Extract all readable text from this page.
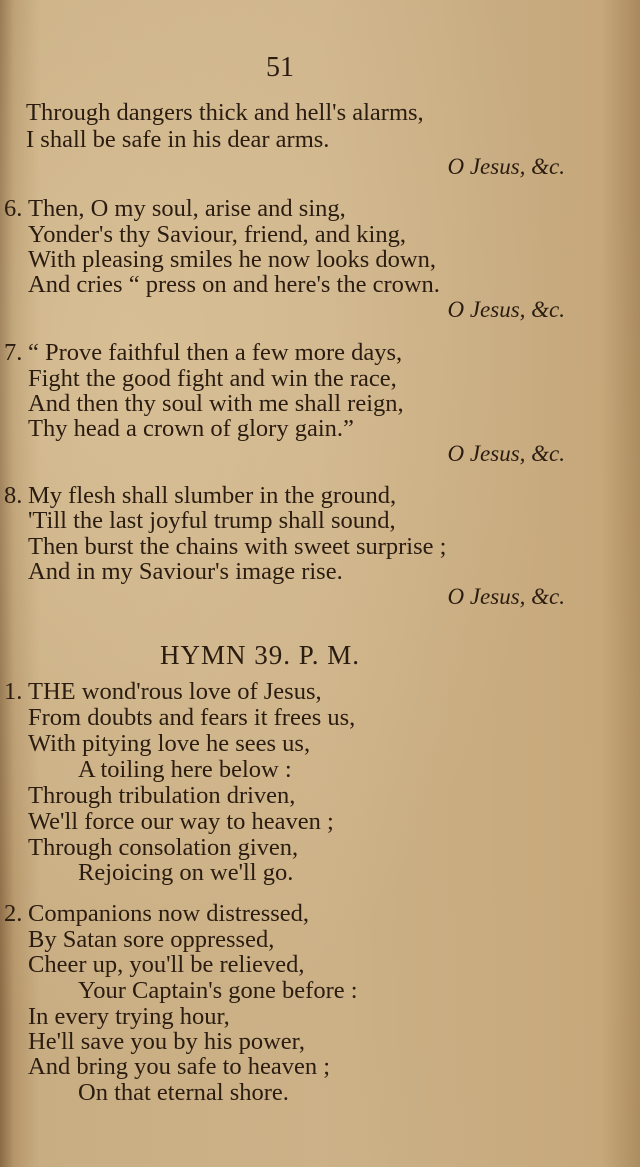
51
Through dangers thick and hell's alarms,
I shall be safe in his dear arms.
O Jesus, &c.
6. Then, O my soul, arise and sing,
Yonder's thy Saviour, friend, and king,
With pleasing smiles he now looks down,
And cries “ press on and here's the crown.
O Jesus, &c.
7. “ Prove faithful then a few more days,
Fight the good fight and win the race,
And then thy soul with me shall reign,
Thy head a crown of glory gain.”
O Jesus, &c.
8. My flesh shall slumber in the ground,
'Till the last joyful trump shall sound,
Then burst the chains with sweet surprise ;
And in my Saviour's image rise.
O Jesus, &c.
HYMN 39. P. M.
1. THE wond'rous love of Jesus,
From doubts and fears it frees us,
With pitying love he sees us,
A toiling here below :
Through tribulation driven,
We'll force our way to heaven ;
Through consolation given,
Rejoicing on we'll go.
2. Companions now distressed,
By Satan sore oppressed,
Cheer up, you'll be relieved,
Your Captain's gone before :
In every trying hour,
He'll save you by his power,
And bring you safe to heaven ;
On that eternal shore.
